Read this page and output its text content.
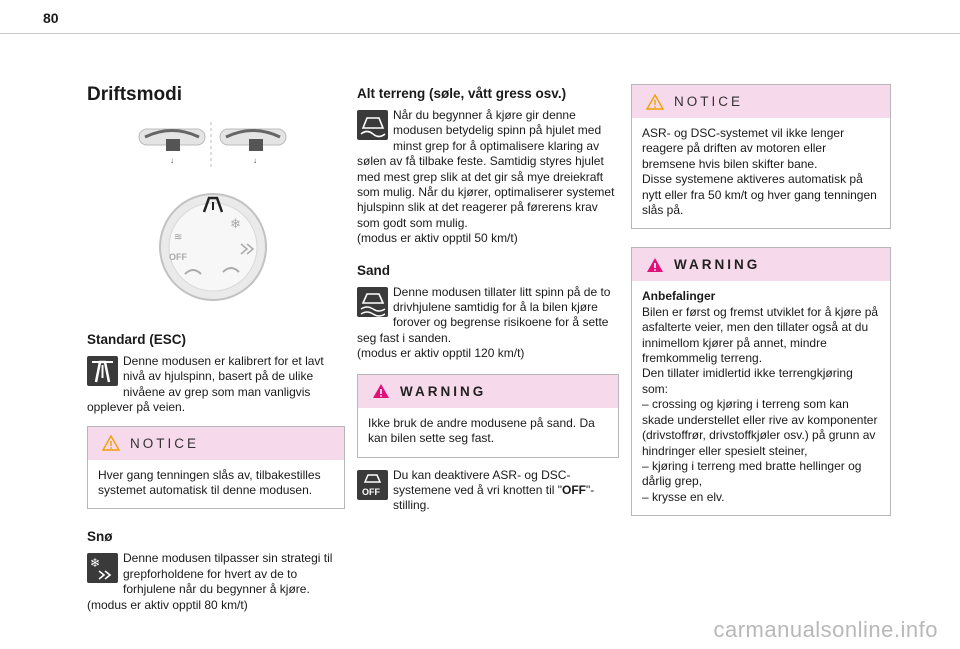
80
Driftsmodi
↓	↓
❄
≋
OFF
Standard (ESC)

Denne modusen er kalibrert for et lavt nivå av hjulspinn, basert på de ulike nivåene av grep som man vanligvis opplever på veien.

NOTICE
Hver gang tenningen slås av, tilbakestilles systemet automatisk til denne modusen.
Snø
❄	Denne modusen tilpasser sin strategi til grepforholdene for hvert av de to forhjulene når du begynner å kjøre.

(modus er aktiv opptil 80 km/t)

Alt terreng (søle, vått gress osv.)

Når du begynner å kjøre gir denne modusen betydelig spinn på hjulet med minst grep for å optimalisere klaring av sølen av få tilbake feste. Samtidig styres hjulet med mest grep slik at det gir så mye dreiekraft som mulig. Når du kjører, optimaliserer systemet hjulspinn slik at det reagerer på førerens krav som godt som mulig.

(modus er aktiv opptil 50 km/t)

Sand

Denne modusen tillater litt spinn på de to drivhjulene samtidig for å la bilen kjøre forover og begrense risikoene for å sette seg fast i sanden.

(modus er aktiv opptil 120 km/t)

WARNING
Ikke bruk de andre modusene på sand. Da kan bilen sette seg fast.
OFF

Du kan deaktivere ASR- og DSC-systemene ved å vri knotten til "OFF"-stilling.

NOTICE
ASR- og DSC-systemet vil ikke lenger reagere på driften av motoren eller bremsene hvis bilen skifter bane.
Disse systemene aktiveres automatisk på nytt eller fra 50 km/t og hver gang tenningen slås på.
WARNING
Anbefalinger
Bilen er først og fremst utviklet for å kjøre på asfalterte veier, men den tillater også at du innimellom kjører på annet, mindre fremkommelig terreng.
Den tillater imidlertid ikke terrengkjøring som:
– crossing og kjøring i terreng som kan skade understellet eller rive av komponenter (drivstoffrør, drivstoffkjøler osv.) på grunn av hindringer eller spesielt steiner,
– kjøring i terreng med bratte hellinger og dårlig grep,
– krysse en elv.
carmanualsonline.info
